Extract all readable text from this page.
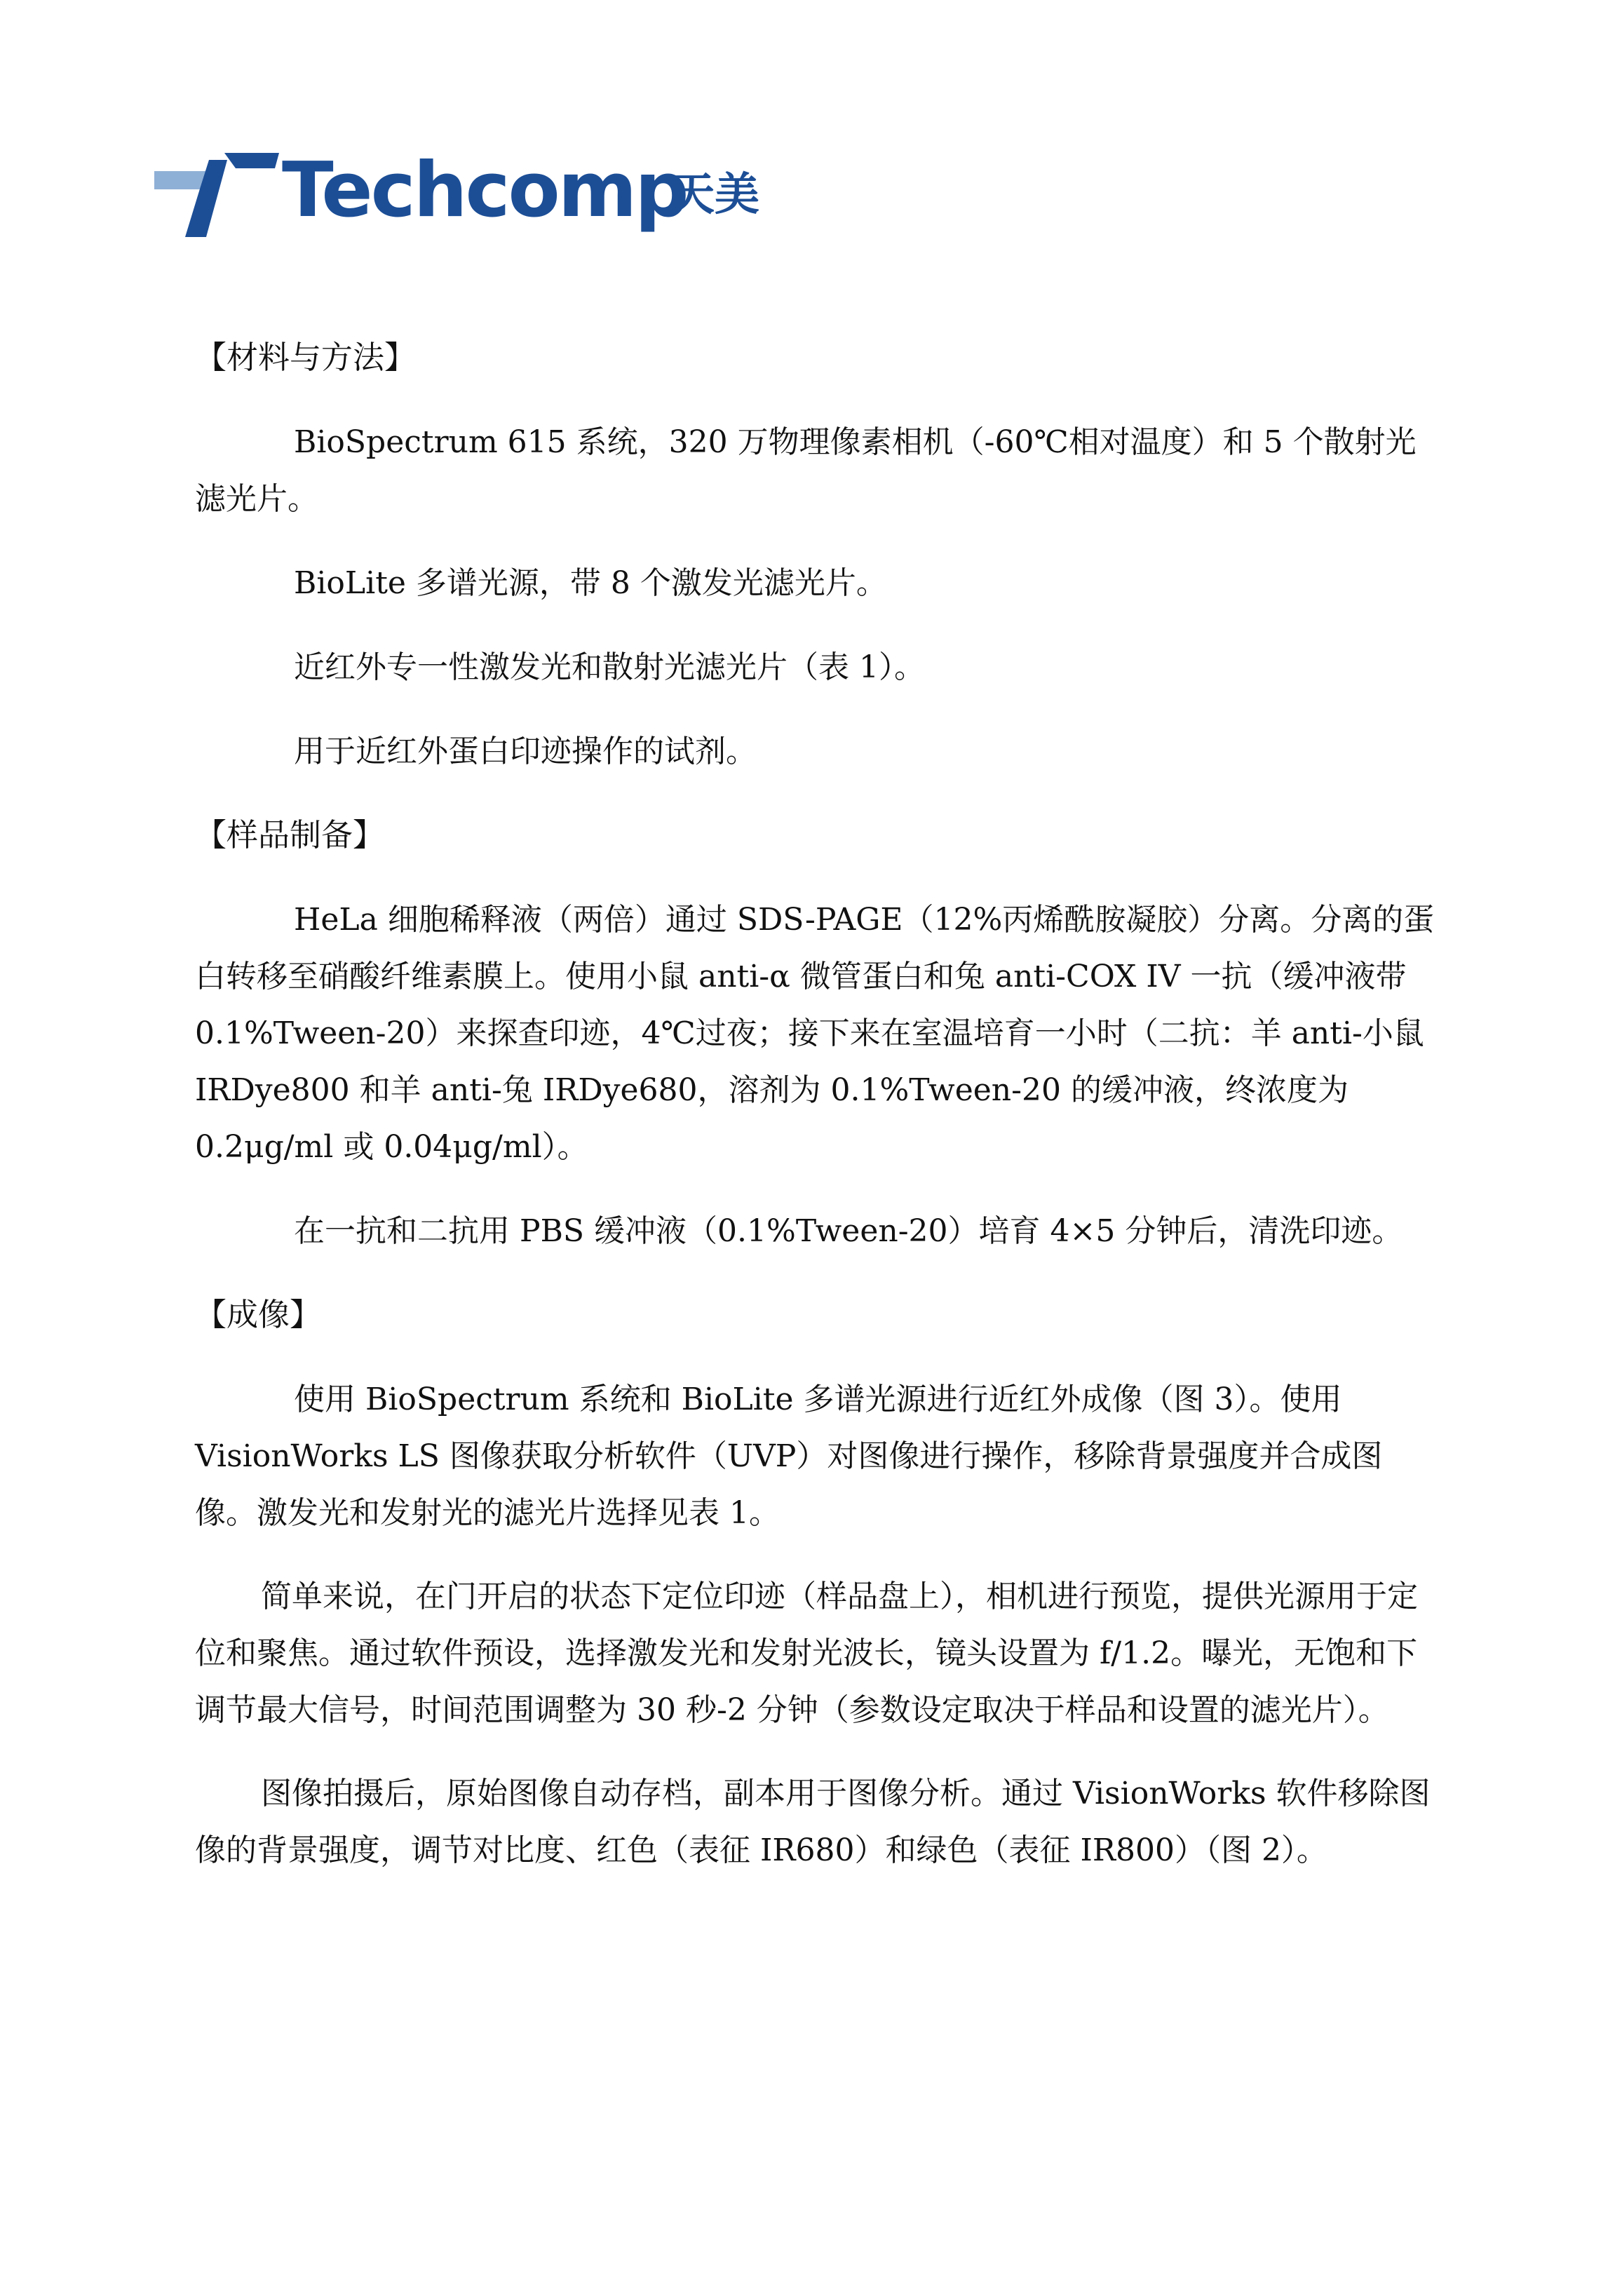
Techcomp
天美
【材料与方法】

BioSpectrum 615 系统，320 万物理像素相机（-60℃相对温度）和 5 个散射光滤光片。

BioLite 多谱光源，带 8 个激发光滤光片。

近红外专一性激发光和散射光滤光片（表 1）。

用于近红外蛋白印迹操作的试剂。

【样品制备】

HeLa 细胞稀释液（两倍）通过 SDS-PAGE（12%丙烯酰胺凝胶）分离。分离的蛋白转移至硝酸纤维素膜上。使用小鼠 anti-α 微管蛋白和兔 anti-COX IV 一抗（缓冲液带 0.1%Tween-20）来探查印迹，4℃过夜；接下来在室温培育一小时（二抗：羊 anti-小鼠 IRDye800 和羊 anti-兔 IRDye680，溶剂为 0.1%Tween-20 的缓冲液，终浓度为 0.2μg/ml 或 0.04μg/ml）。

在一抗和二抗用 PBS 缓冲液（0.1%Tween-20）培育 4×5 分钟后，清洗印迹。

【成像】

使用 BioSpectrum 系统和 BioLite 多谱光源进行近红外成像（图 3）。使用 VisionWorks LS 图像获取分析软件（UVP）对图像进行操作，移除背景强度并合成图像。激发光和发射光的滤光片选择见表 1。

简单来说，在门开启的状态下定位印迹（样品盘上），相机进行预览，提供光源用于定位和聚焦。通过软件预设，选择激发光和发射光波长，镜头设置为 f/1.2。曝光，无饱和下调节最大信号，时间范围调整为 30 秒-2 分钟（参数设定取决于样品和设置的滤光片）。

图像拍摄后，原始图像自动存档，副本用于图像分析。通过 VisionWorks 软件移除图像的背景强度，调节对比度、红色（表征 IR680）和绿色（表征 IR800）（图 2）。
